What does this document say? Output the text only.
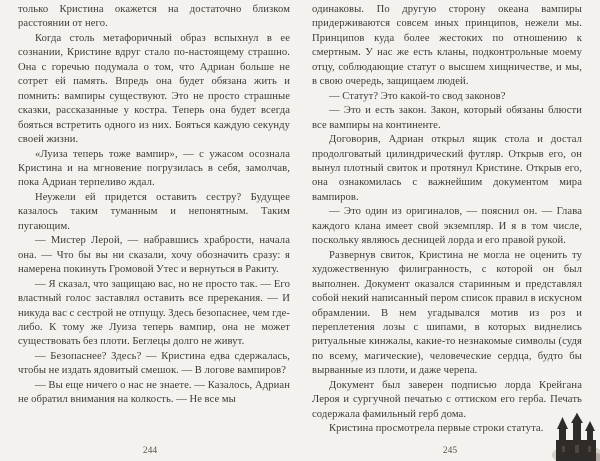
только Кристина окажется на достаточно близком расстоянии от него.

Когда столь метафоричный образ вспыхнул в ее сознании, Кристине вдруг стало по-настоящему страшно. Она с горечью подумала о том, что Адриан больше не сотрет ей память. Впредь она будет обязана жить и помнить: вампиры существуют. Это не просто страшные сказки, рассказанные у костра. Теперь она будет всегда бояться встретить одного из них. Бояться каждую секунду своей жизни.

«Луиза теперь тоже вампир», — с ужасом осознала Кристина и на мгновение погрузилась в себя, замолчав, пока Адриан терпеливо ждал.

Неужели ей придется оставить сестру? Будущее казалось таким туманным и непонятным. Таким пугающим.

— Мистер Лерой, — набравшись храбрости, начала она. — Что бы вы ни сказали, хочу обозначить сразу: я намерена покинуть Громовой Утес и вернуться в Ракиту.

— Я сказал, что защищаю вас, но не просто так. — Его властный голос заставлял оставить все пререкания. — И никуда вас с сестрой не отпущу. Здесь безопаснее, чем где-либо. К тому же Луиза теперь вампир, она не может существовать без плоти. Беглецы долго не живут.

— Безопаснее? Здесь? — Кристина едва сдержалась, чтобы не издать ядовитый смешок. — В логове вампиров?

— Вы еще ничего о нас не знаете. — Казалось, Адриан не обратил внимания на колкость. — Не все мы

244

одинаковы. По другую сторону океана вампиры придерживаются совсем иных принципов, нежели мы. Принципов куда более жестоких по отношению к смертным. У нас же есть кланы, подконтрольные моему отцу, соблюдающие статут о высшем хищничестве, и мы, в свою очередь, защищаем людей.

— Статут? Это какой-то свод законов?

— Это и есть закон. Закон, который обязаны блюсти все вампиры на континенте.

Договорив, Адриан открыл ящик стола и достал продолговатый цилиндрический футляр. Открыв его, он вынул плотный свиток и протянул Кристине. Открыв его, она ознакомилась с важнейшим документом мира вампиров.

— Это один из оригиналов, — пояснил он. — Глава каждого клана имеет свой экземпляр. И я в том числе, поскольку являюсь десницей лорда и его правой рукой.

Развернув свиток, Кристина не могла не оценить ту художественную филигранность, с которой он был выполнен. Документ оказался старинным и представлял собой некий написанный пером список правил в искусном обрамлении. В нем угадывался мотив из роз и переплетения лозы с шипами, в которых виднелись ритуальные кинжалы, какие-то незнакомые символы (судя по всему, магические), человеческие сердца, будто бы вырванные из плоти, и даже черепа.

Документ был заверен подписью лорда Крейгана Лероя и сургучной печатью с оттиском его герба. Печать содержала фамильный герб дома.

Кристина просмотрела первые строки статута.

245
